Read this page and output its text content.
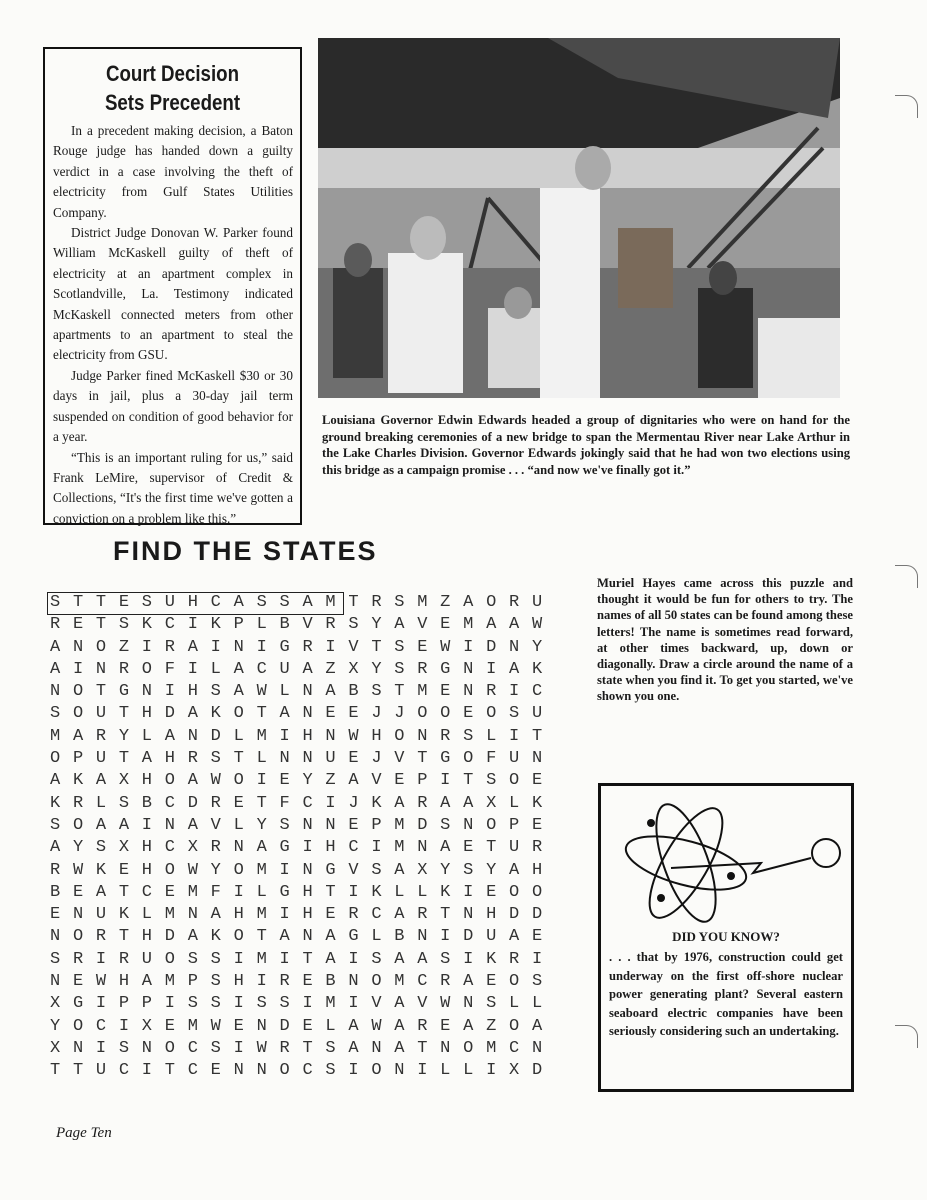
Court Decision
Sets Precedent

In a precedent making decision, a Baton Rouge judge has handed down a guilty verdict in a case involving the theft of electricity from Gulf States Utilities Company.

District Judge Donovan W. Parker found William McKaskell guilty of theft of electricity at an apartment complex in Scotlandville, La. Testimony indicated McKaskell connected meters from other apartments to an apartment to steal the electricity from GSU.

Judge Parker fined McKaskell $30 or 30 days in jail, plus a 30-day jail term suspended on condition of good behavior for a year.

“This is an important ruling for us,” said Frank LeMire, supervisor of Credit & Collections, “It's the first time we've gotten a conviction on a problem like this.”

Louisiana Governor Edwin Edwards headed a group of dignitaries who were on hand for the ground breaking ceremonies of a new bridge to span the Mermentau River near Lake Arthur in the Lake Charles Division. Governor Edwards jokingly said that he had won two elections using this bridge as a campaign promise . . . “and now we've finally got it.”
FIND THE STATES
STTESUHCASSAMTRSMZAORU
RETSKCIKPLBVRSYAVEMAAW
ANOZIRAINIGRIVTSEWIDNY
AINROFILACUAZXYSRGNIAK
NOTGNIHSAWLNABSTMENRIC
SOUTHDAKOTANEEJJOOEOSU
MARYLANDLMIHNWHONRSLIT
OPUTAHRSTLNNUEJVTGOFUN
AKAXHOAWOIEYZAVEPITSOE
KRLSBCDRETFCIJKARAAXLK
SOAAINAVLYSNNEPMDSNOPE
AYSXHCXRNAGIHCIMNAETUR
RWKEHOWYOMINGVSAXYSYAH
BEATCEMFILGHTIKLLKIEOO
ENUKLMNAHMIHERCARTNHDD
NORTHDAKOTANAGLBNIDUAE
SRIRUOSSIMITAISAASIKRI
NEWHAMPSHIREBNOMCRAEOS
XGIPPISSISSIMIVAVWNSLL
YOCIXEMWENDELAWAREAZOA
XNISNOCSIWRTSANATNOMCN
TTUCITCENNOCSIONILLIXD
Muriel Hayes came across this puzzle and thought it would be fun for others to try. The names of all 50 states can be found among these letters! The name is sometimes read forward, at other times backward, up, down or diagonally. Draw a circle around the name of a state when you find it. To get you started, we've shown you one.
DID YOU KNOW?
. . . that by 1976, construction could get underway on the first off-shore nuclear power generating plant? Several eastern seaboard electric companies have been seriously considering such an undertaking.
Page Ten
